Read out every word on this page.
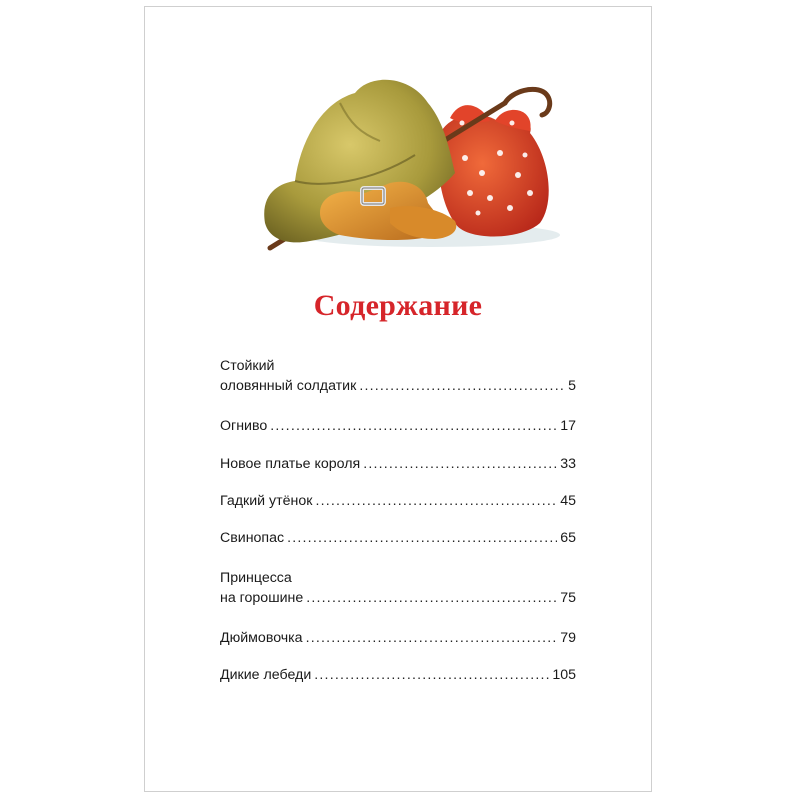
Содержание
Стойкий
оловянный солдатик .....	5
Огниво .....	17
Новое платье короля .....	33
Гадкий утёнок .....	45
Свинопас .....	65
Принцесса
на горошине .....	75
Дюймовочка .....	79
Дикие лебеди .....	105
